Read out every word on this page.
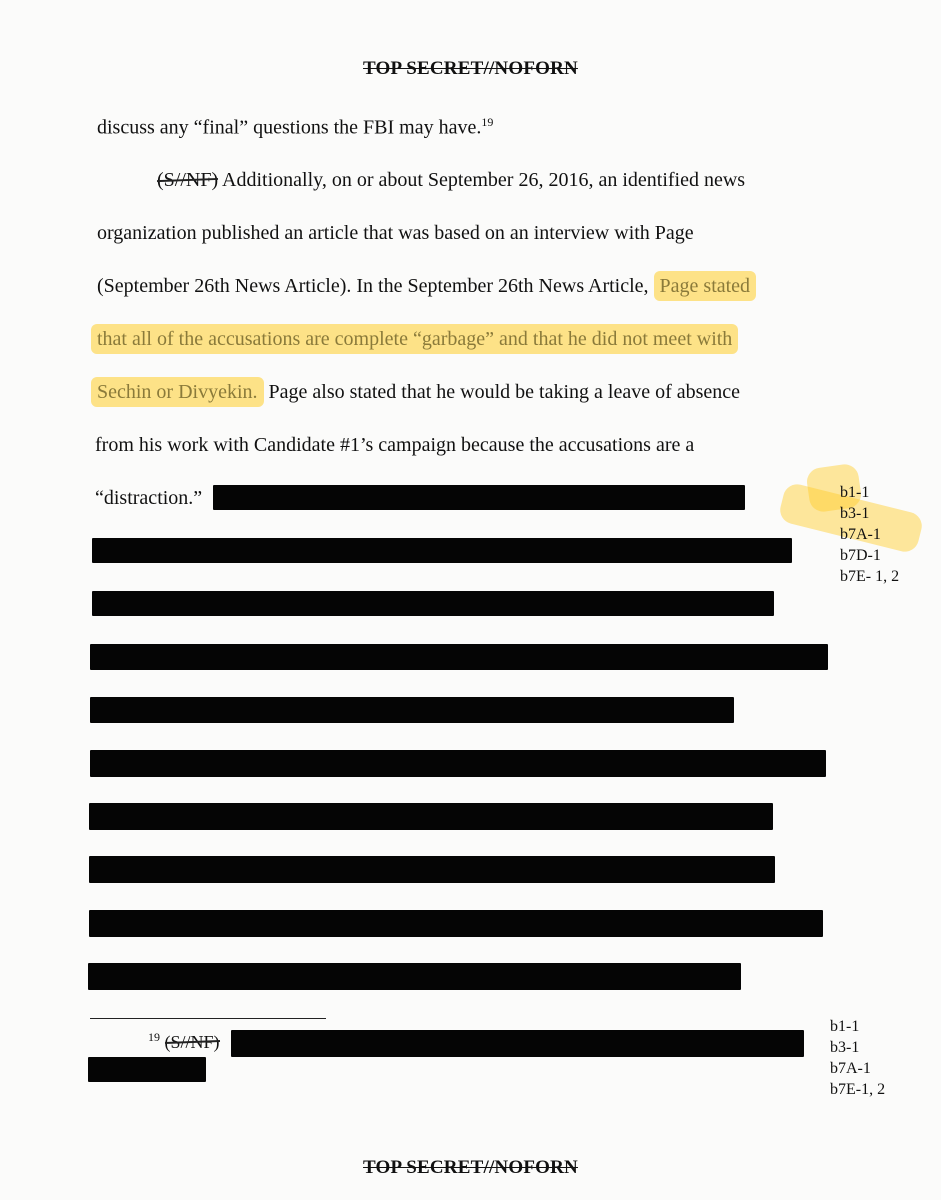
TOP SECRET//NOFORN
discuss any “final” questions the FBI may have.$^{19}$
(S//NF) Additionally, on or about September 26, 2016, an identified news
organization published an article that was based on an interview with Page
(September 26th News Article). In the September 26th News Article, Page stated
that all of the accusations are complete “garbage” and that he did not meet with
Sechin or Divyekin. Page also stated that he would be taking a leave of absence
from his work with Candidate #1’s campaign because the accusations are a
“distraction.”	b1-1
b3-1
b7A-1
b7D-1
b7E- 1, 2
$^{19}$ (S//NF)
b1-1
b3-1
b7A-1
b7E-1, 2
TOP SECRET//NOFORN
